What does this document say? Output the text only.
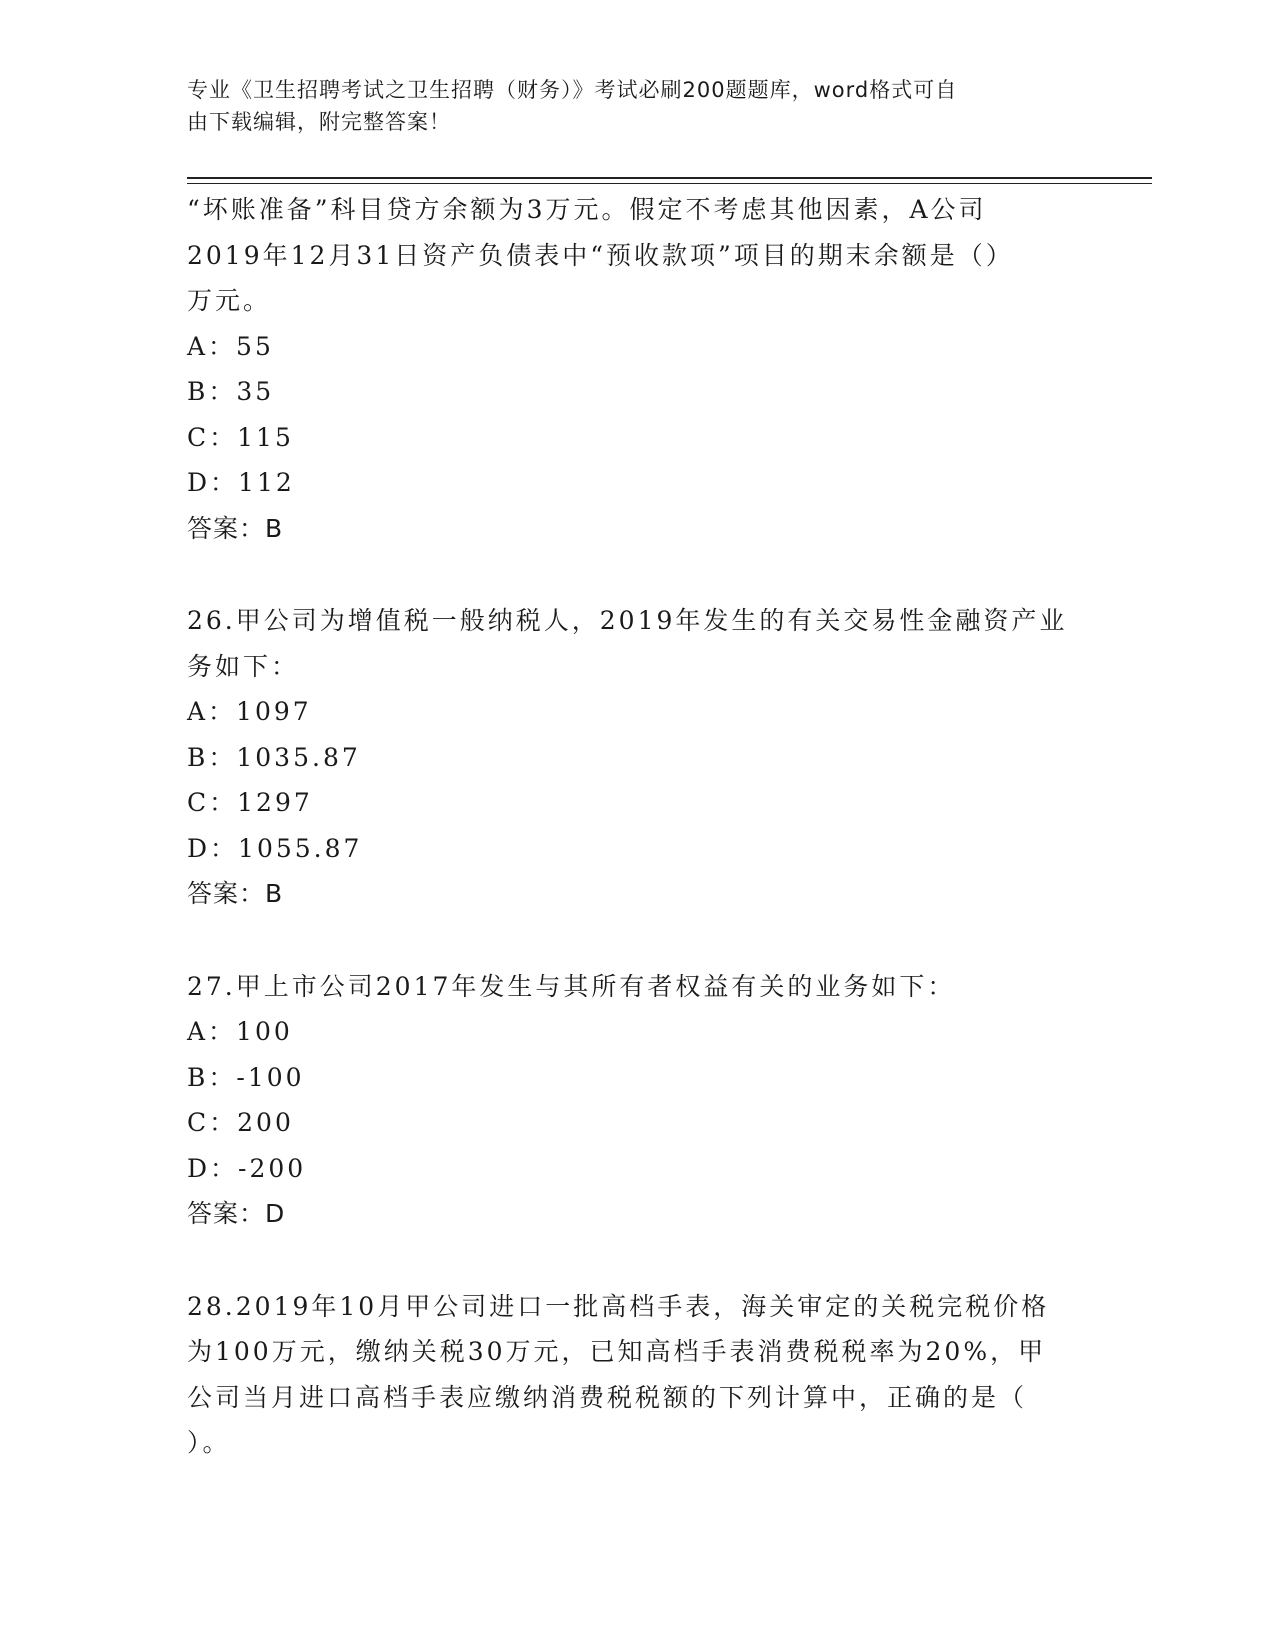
专业《卫生招聘考试之卫生招聘（财务）》考试必刷200题题库，word格式可自
由下载编辑，附完整答案！
“坏账准备”科目贷方余额为3万元。假定不考虑其他因素，A公司
2019年12月31日资产负债表中“预收款项”项目的期末余额是（）
万元。
A：55
B：35
C：115
D：112
答案：B
26.甲公司为增值税一般纳税人，2019年发生的有关交易性金融资产业
务如下：
A：1097
B：1035.87
C：1297
D：1055.87
答案：B
27.甲上市公司2017年发生与其所有者权益有关的业务如下：
A：100
B：-100
C：200
D：-200
答案：D
28.2019年10月甲公司进口一批高档手表，海关审定的关税完税价格
为100万元，缴纳关税30万元，已知高档手表消费税税率为20%，甲
公司当月进口高档手表应缴纳消费税税额的下列计算中，正确的是（
）。
